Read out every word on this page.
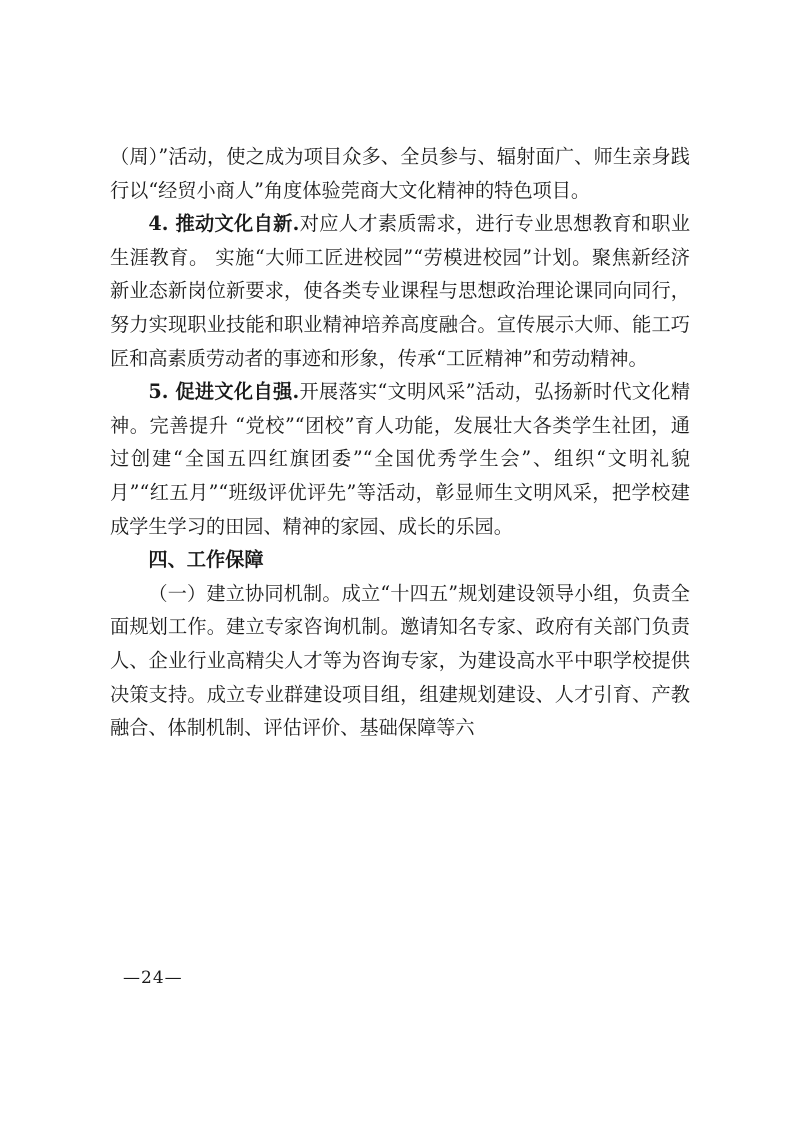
（周）”活动，使之成为项目众多、全员参与、辐射面广、师生亲身践行以“经贸小商人”角度体验莞商大文化精神的特色项目。

4. 推动文化自新.对应人才素质需求，进行专业思想教育和职业生涯教育。 实施“大师工匠进校园”“劳模进校园”计划。聚焦新经济新业态新岗位新要求，使各类专业课程与思想政治理论课同向同行，努力实现职业技能和职业精神培养高度融合。宣传展示大师、能工巧匠和高素质劳动者的事迹和形象，传承“工匠精神”和劳动精神。

5. 促进文化自强.开展落实“文明风采”活动，弘扬新时代文化精神。完善提升 “党校”“团校”育人功能，发展壮大各类学生社团，通过创建“全国五四红旗团委”“全国优秀学生会”、组织“文明礼貌月”“红五月”“班级评优评先”等活动，彰显师生文明风采，把学校建成学生学习的田园、精神的家园、成长的乐园。

四、工作保障

（一）建立协同机制。成立“十四五”规划建设领导小组，负责全面规划工作。建立专家咨询机制。邀请知名专家、政府有关部门负责人、企业行业高精尖人才等为咨询专家，为建设高水平中职学校提供决策支持。成立专业群建设项目组，组建规划建设、人才引育、产教融合、体制机制、评估评价、基础保障等六

—24—
